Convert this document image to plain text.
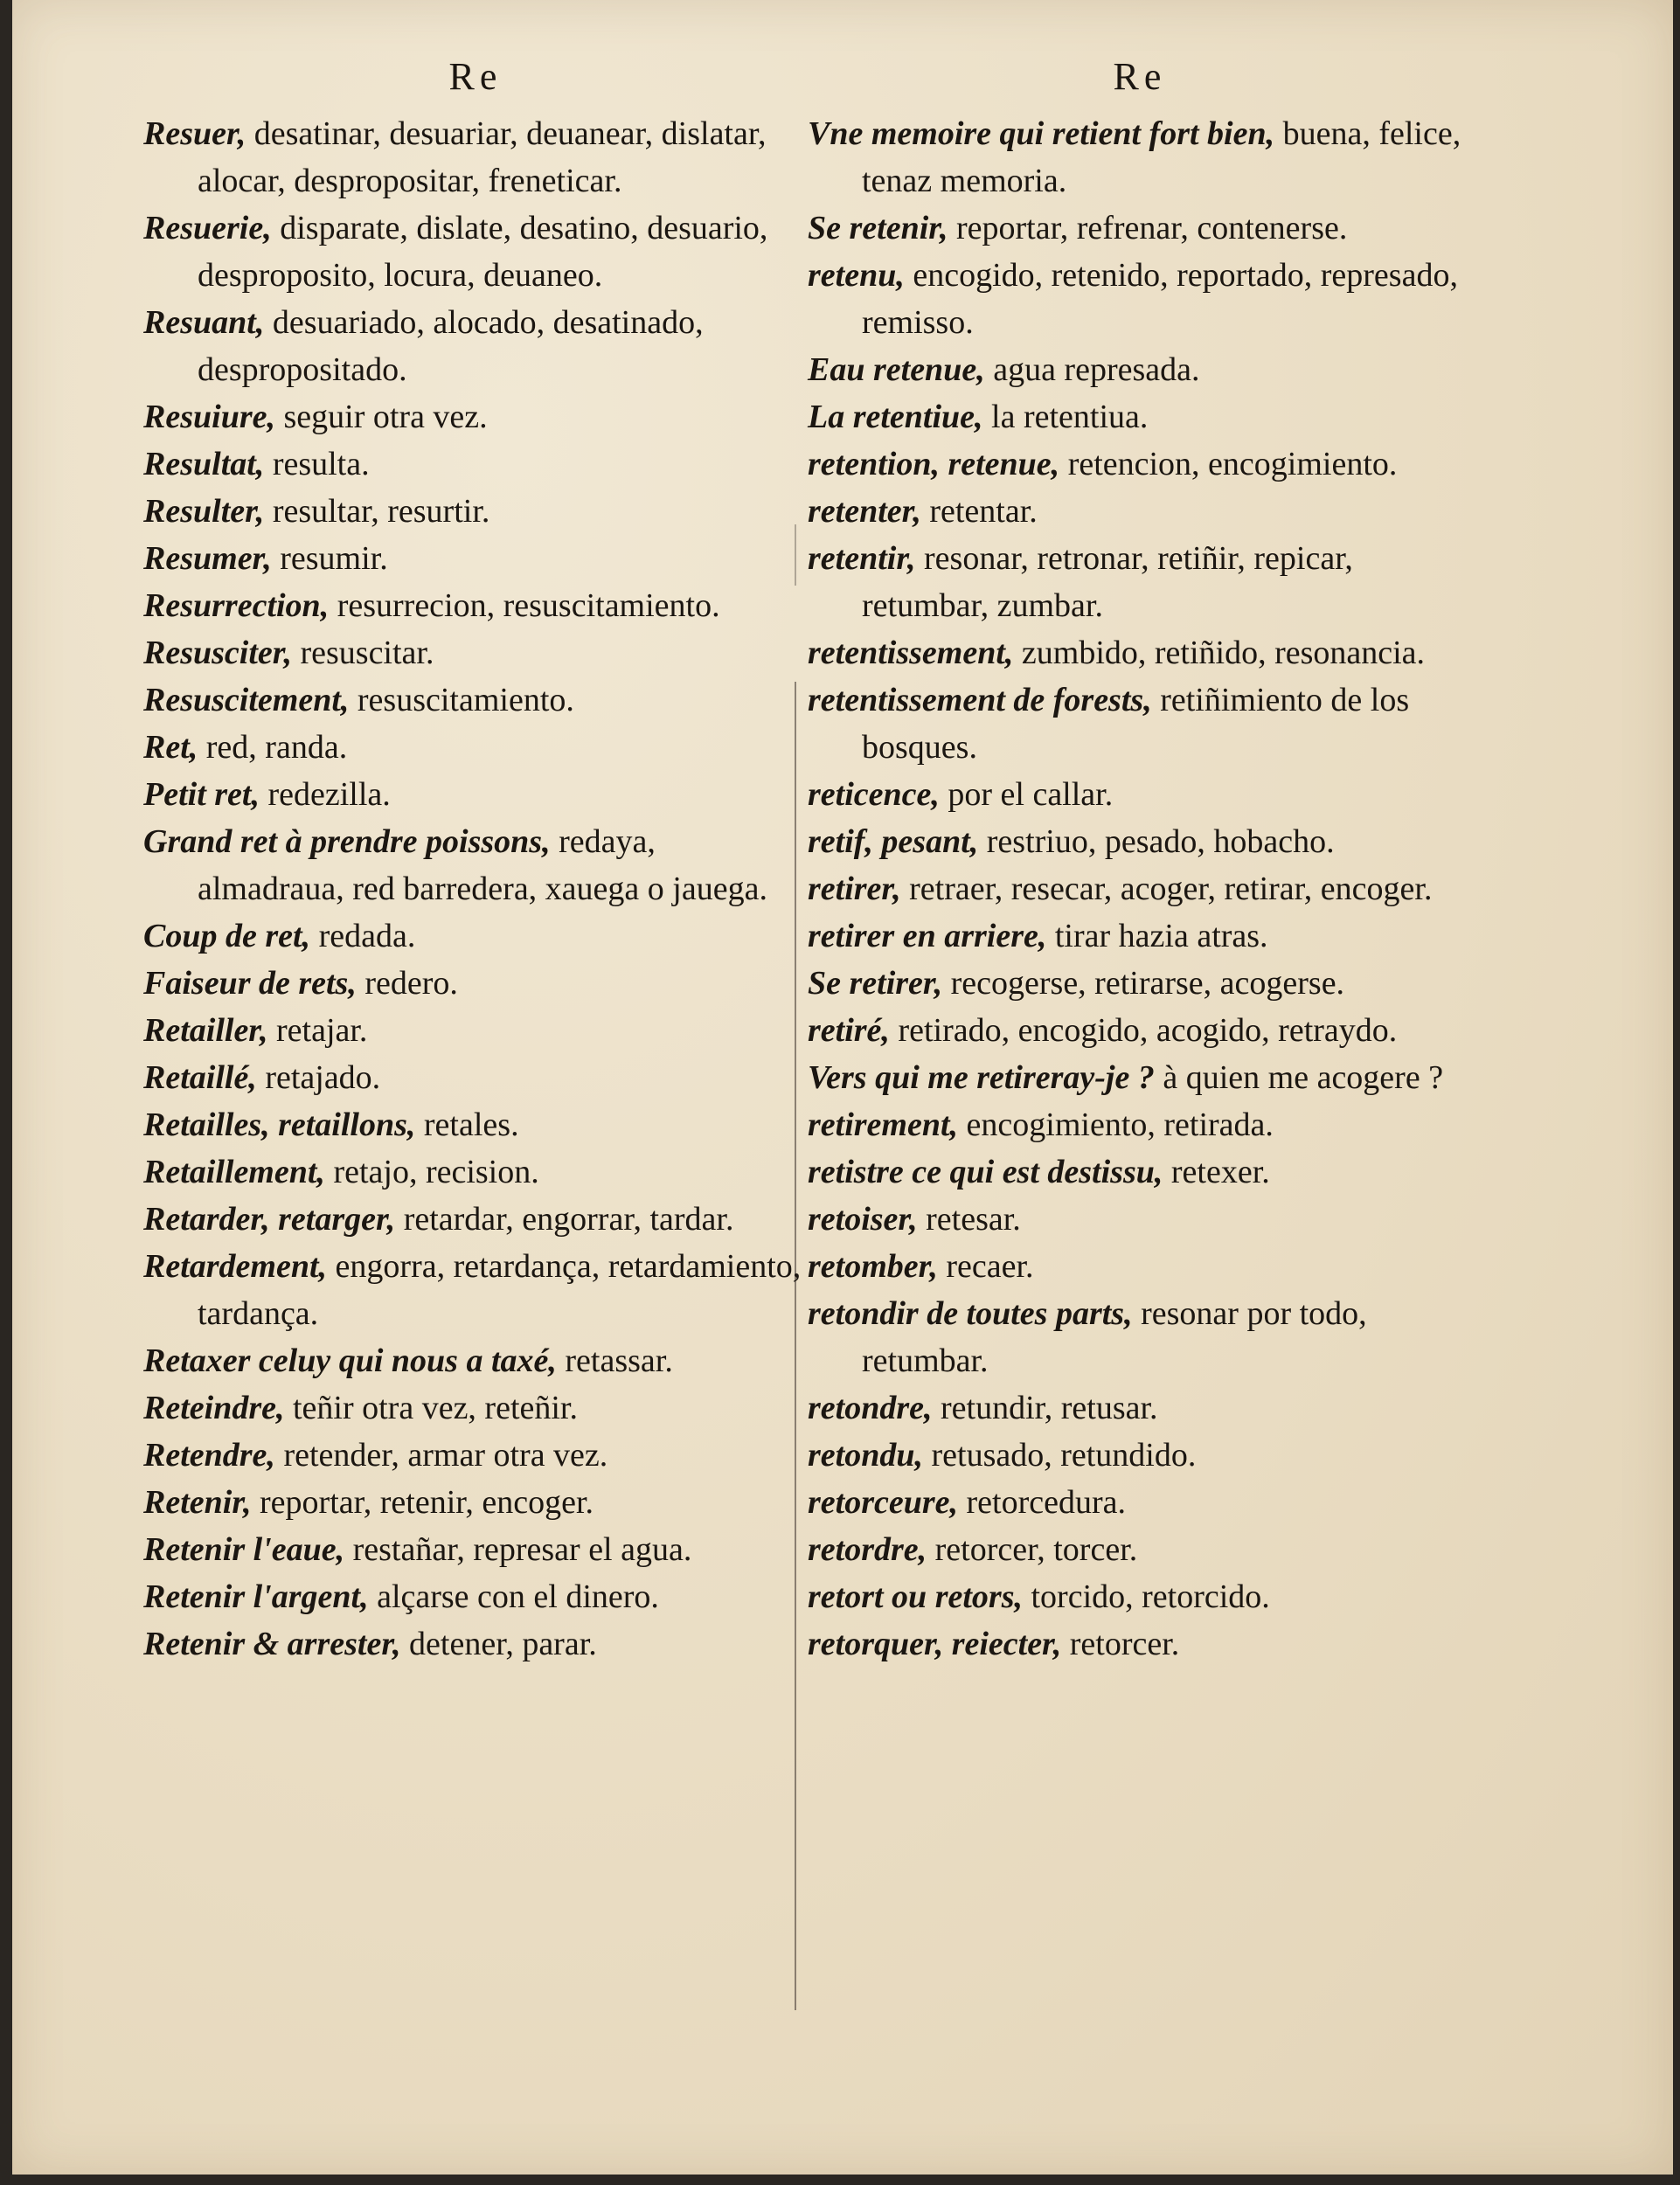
Re
Resuer, desatinar, desuariar, deuanear, dislatar, alocar, despropositar, freneticar.
Resuerie, disparate, dislate, desatino, desuario, desproposito, locura, deuaneo.
Resuant, desuariado, alocado, desatinado, despropositado.
Resuiure, seguir otra vez.
Resultat, resulta.
Resulter, resultar, resurtir.
Resumer, resumir.
Resurrection, resurrecion, resuscitamiento.
Resusciter, resuscitar.
Resuscitement, resuscitamiento.
Ret, red, randa.
Petit ret, redezilla.
Grand ret à prendre poissons, redaya, almadraua, red barredera, xauega o jauega.
Coup de ret, redada.
Faiseur de rets, redero.
Retailler, retajar.
Retaillé, retajado.
Retailles, retaillons, retales.
Retaillement, retajo, recision.
Retarder, retarger, retardar, engorrar, tardar.
Retardement, engorra, retardança, retardamiento, tardança.
Retaxer celuy qui nous a taxé, retassar.
Reteindre, teñir otra vez, reteñir.
Retendre, retender, armar otra vez.
Retenir, reportar, retenir, encoger.
Retenir l'eaue, restañar, represar el agua.
Retenir l'argent, alçarse con el dinero.
Retenir & arrester, detener, parar.
Re
Vne memoire qui retient fort bien, buena, felice, tenaz memoria.
Se retenir, reportar, refrenar, contenerse.
retenu, encogido, retenido, reportado, represado, remisso.
Eau retenue, agua represada.
La retentiue, la retentiua.
retention, retenue, retencion, encogimiento.
retenter, retentar.
retentir, resonar, retronar, retiñir, repicar, retumbar, zumbar.
retentissement, zumbido, retiñido, resonancia.
retentissement de forests, retiñimiento de los bosques.
reticence, por el callar.
retif, pesant, restriuo, pesado, hobacho.
retirer, retraer, resecar, acoger, retirar, encoger.
retirer en arriere, tirar hazia atras.
Se retirer, recogerse, retirarse, acogerse.
retiré, retirado, encogido, acogido, retraydo.
Vers qui me retireray-je ? à quien me acogere ?
retirement, encogimiento, retirada.
retistre ce qui est destissu, retexer.
retoiser, retesar.
retomber, recaer.
retondir de toutes parts, resonar por todo, retumbar.
retondre, retundir, retusar.
retondu, retusado, retundido.
retorceure, retorcedura.
retordre, retorcer, torcer.
retort ou retors, torcido, retorcido.
retorquer, reiecter, retorcer.
